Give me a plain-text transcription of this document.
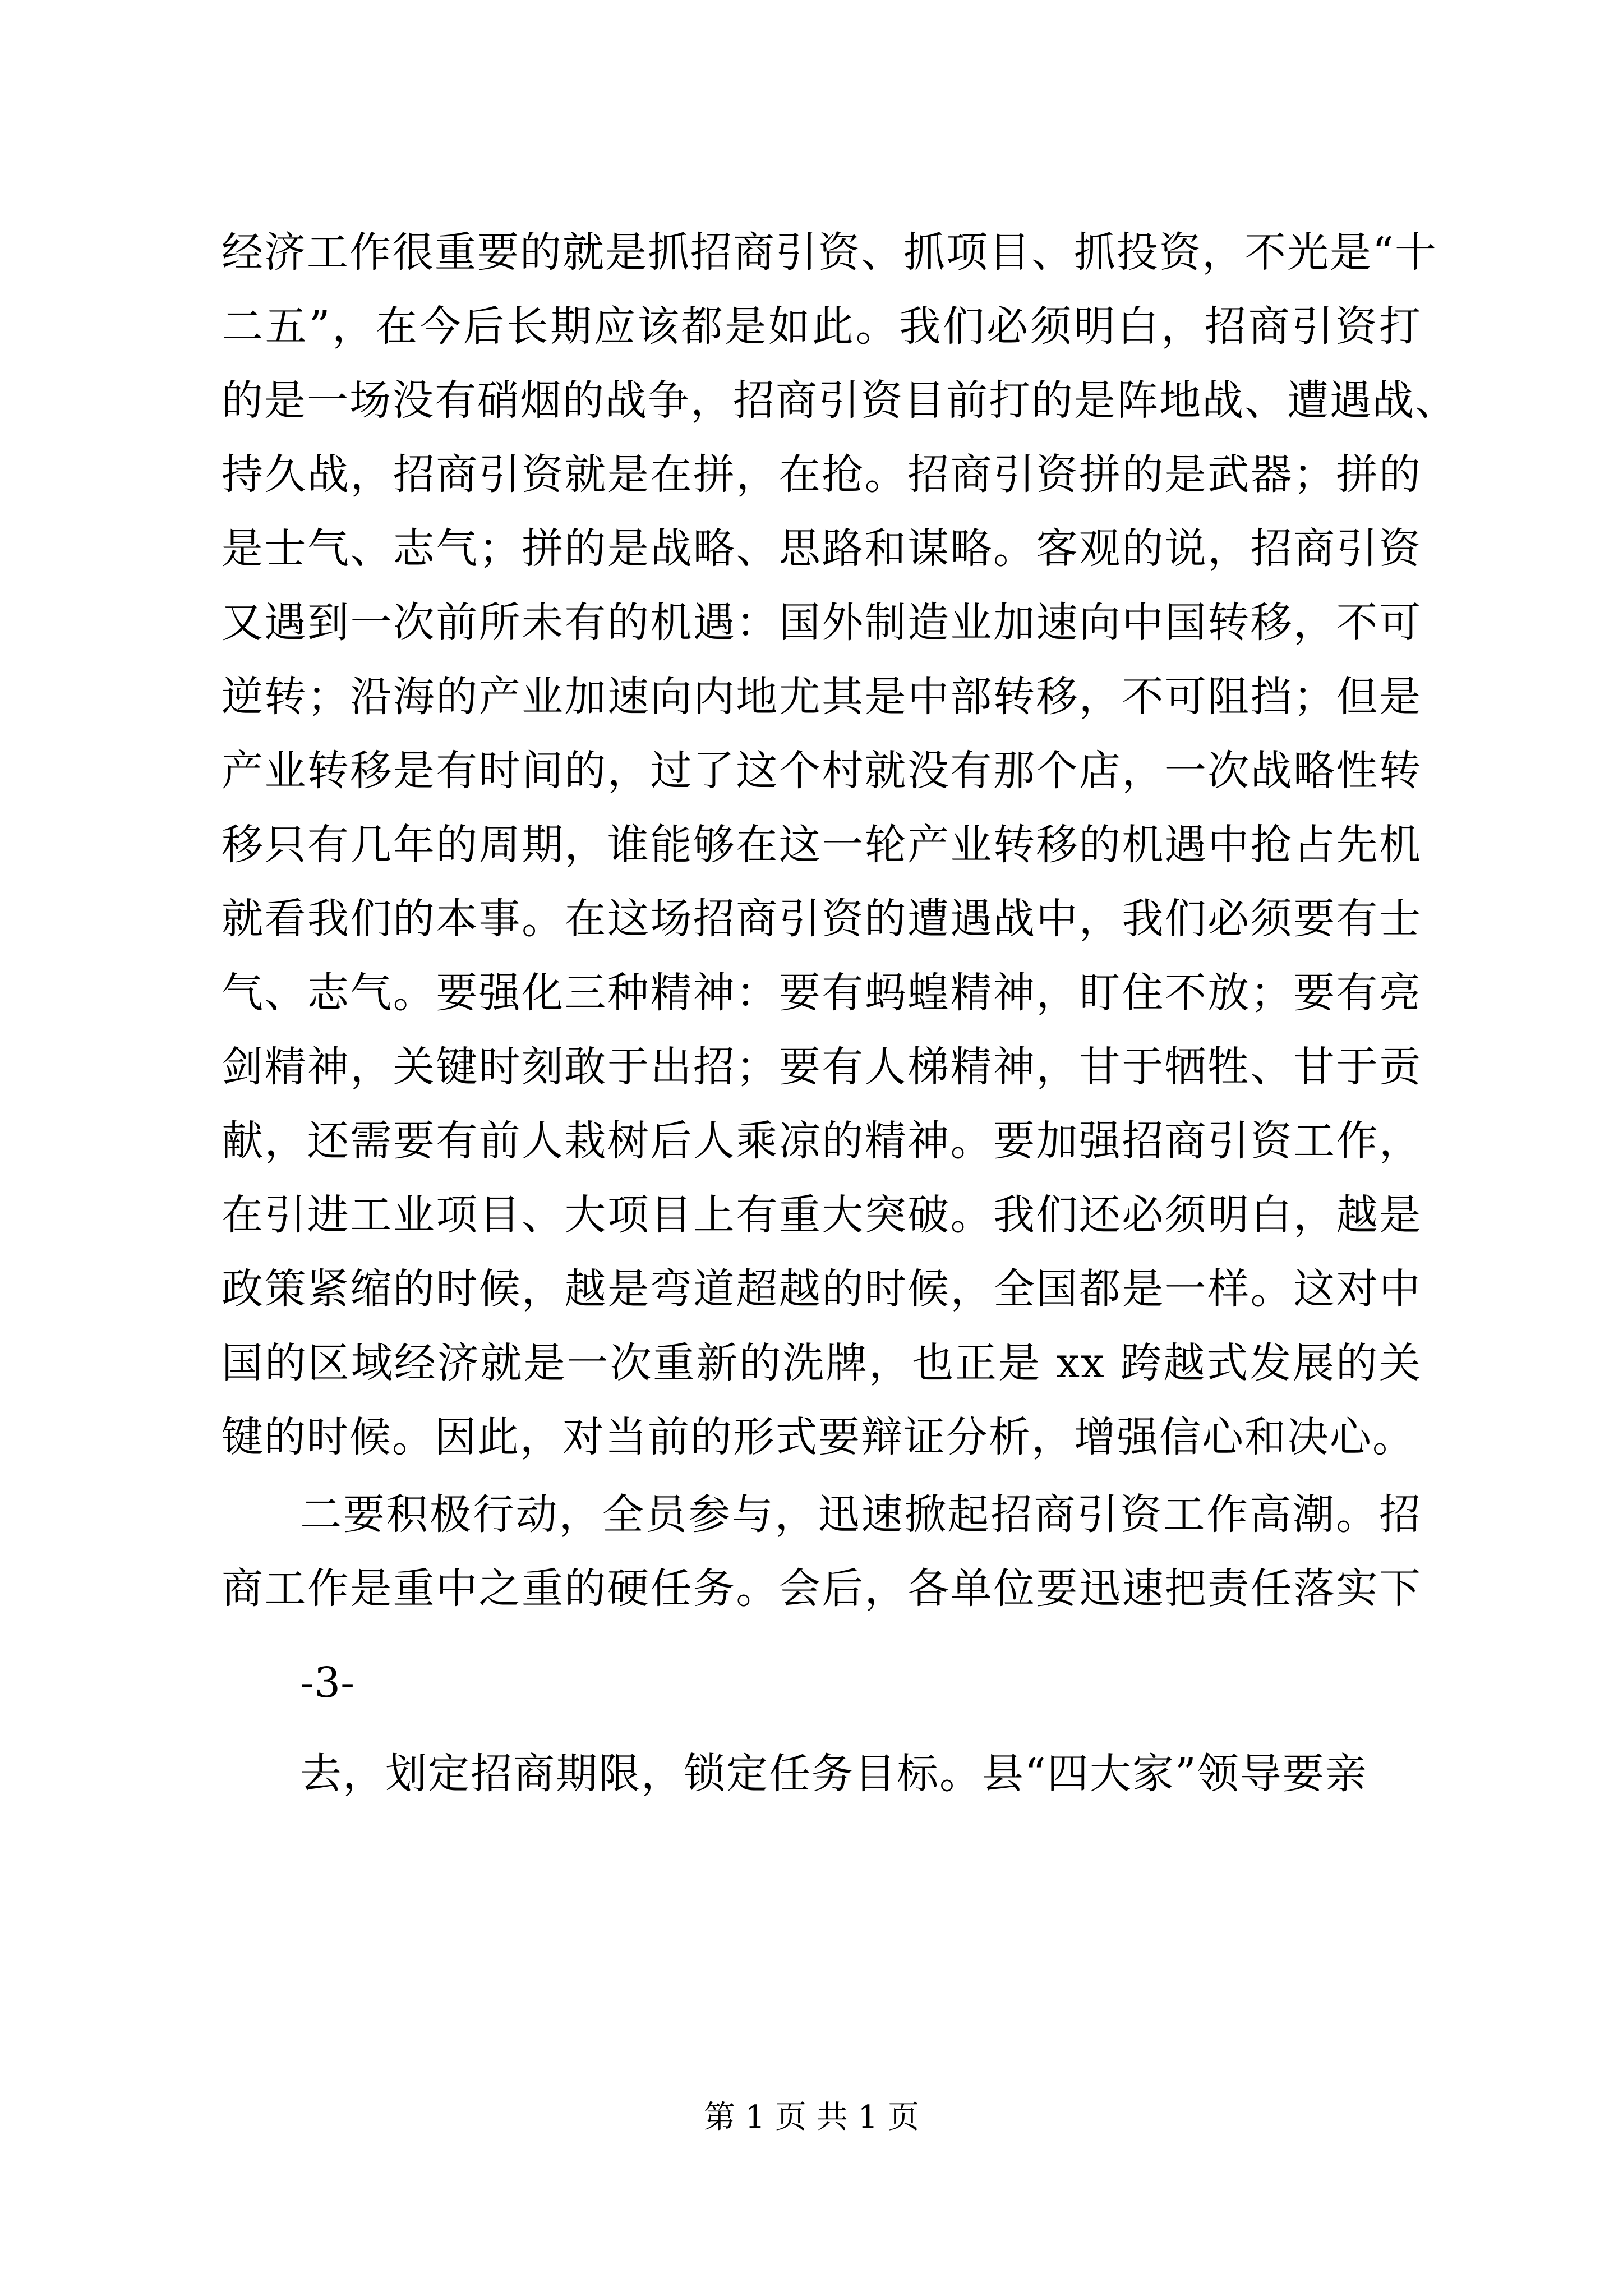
经济工作很重要的就是抓招商引资、抓项目、抓投资，不光是“十
二五”，在今后长期应该都是如此。我们必须明白，招商引资打
的是一场没有硝烟的战争，招商引资目前打的是阵地战、遭遇战、
持久战，招商引资就是在拼，在抢。招商引资拼的是武器；拼的
是士气、志气；拼的是战略、思路和谋略。客观的说，招商引资
又遇到一次前所未有的机遇：国外制造业加速向中国转移，不可
逆转；沿海的产业加速向内地尤其是中部转移，不可阻挡；但是
产业转移是有时间的，过了这个村就没有那个店，一次战略性转
移只有几年的周期，谁能够在这一轮产业转移的机遇中抢占先机
就看我们的本事。在这场招商引资的遭遇战中，我们必须要有士
气、志气。要强化三种精神：要有蚂蝗精神，盯住不放；要有亮
剑精神，关键时刻敢于出招；要有人梯精神，甘于牺牲、甘于贡
献，还需要有前人栽树后人乘凉的精神。要加强招商引资工作，
在引进工业项目、大项目上有重大突破。我们还必须明白，越是
政策紧缩的时候，越是弯道超越的时候，全国都是一样。这对中
国的区域经济就是一次重新的洗牌，也正是 xx 跨越式发展的关
键的时候。因此，对当前的形式要辩证分析，增强信心和决心。
二要积极行动，全员参与，迅速掀起招商引资工作高潮。招
商工作是重中之重的硬任务。会后，各单位要迅速把责任落实下
-3-
去，划定招商期限，锁定任务目标。县“四大家”领导要亲
第 1 页 共 1 页
